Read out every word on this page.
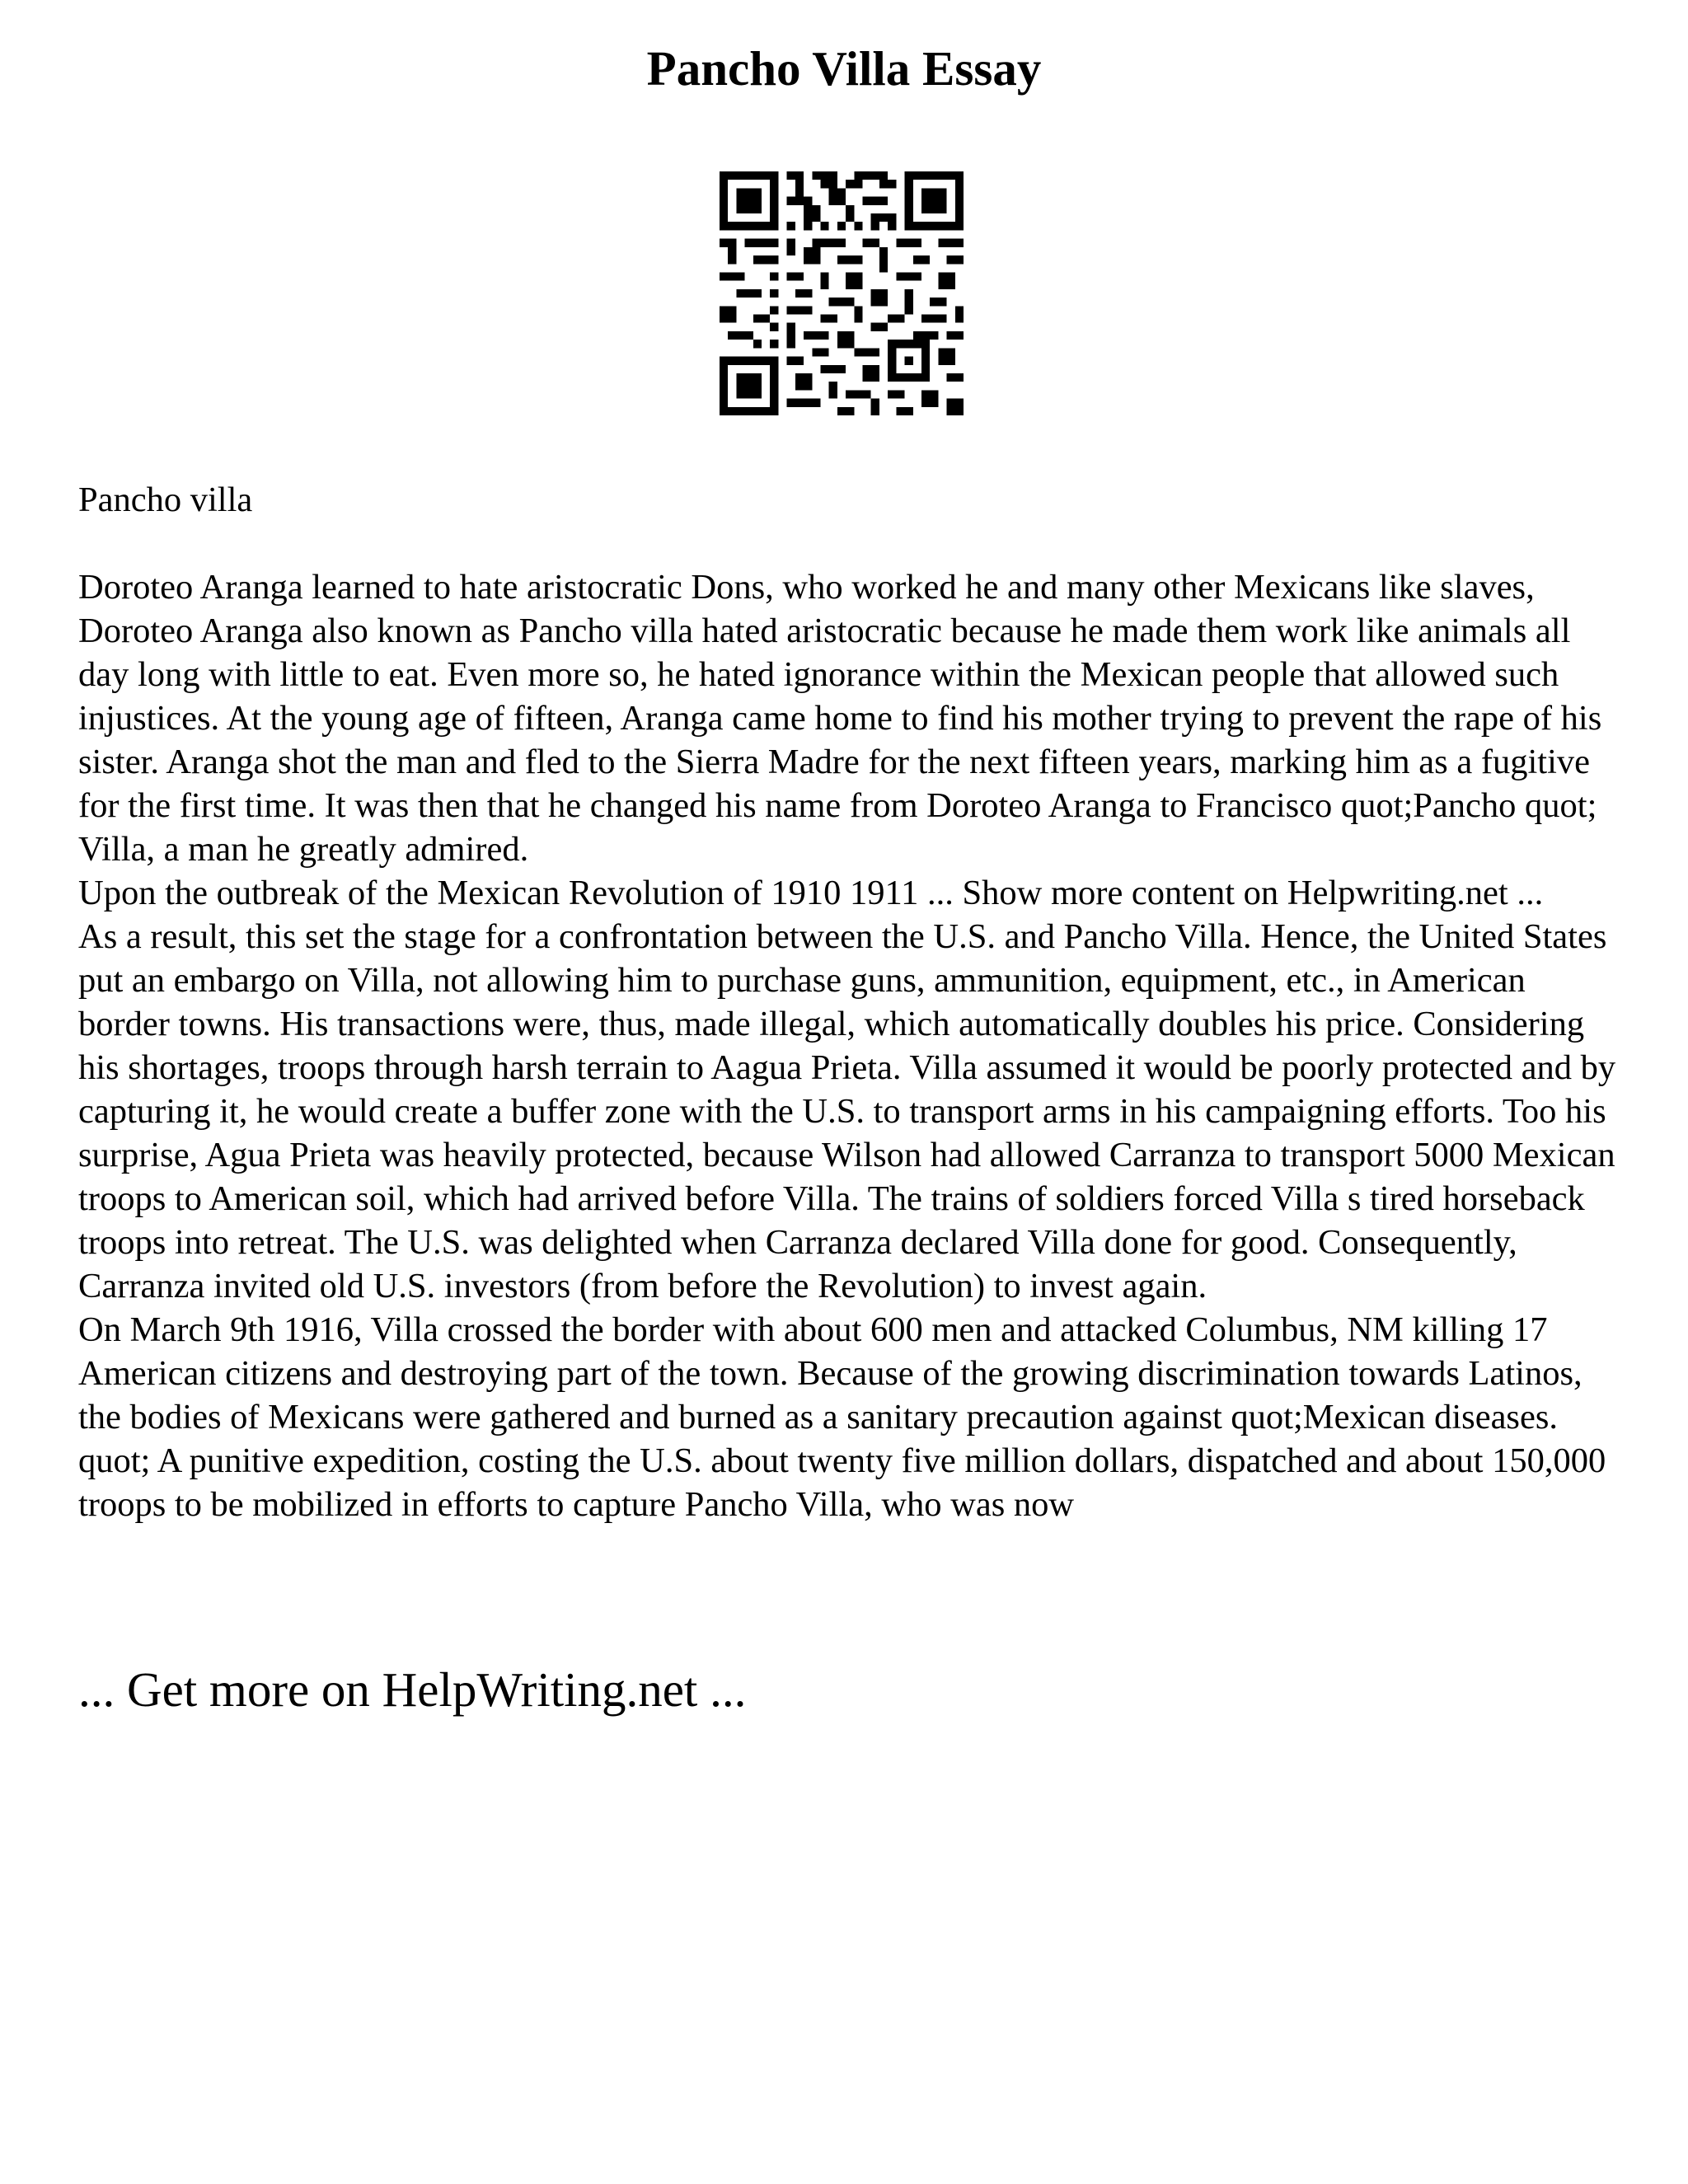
Pancho Villa Essay

Pancho villa

Doroteo Aranga learned to hate aristocratic Dons, who worked he and many other Mexicans like slaves, Doroteo Aranga also known as Pancho villa hated aristocratic because he made them work like animals all day long with little to eat. Even more so, he hated ignorance within the Mexican people that allowed such injustices. At the young age of fifteen, Aranga came home to find his mother trying to prevent the rape of his sister. Aranga shot the man and fled to the Sierra Madre for the next fifteen years, marking him as a fugitive for the first time. It was then that he changed his name from Doroteo Aranga to Francisco quot;Pancho quot; Villa, a man he greatly admired.

Upon the outbreak of the Mexican Revolution of 1910 1911 ... Show more content on Helpwriting.net ...

As a result, this set the stage for a confrontation between the U.S. and Pancho Villa. Hence, the United States put an embargo on Villa, not allowing him to purchase guns, ammunition, equipment, etc., in American border towns. His transactions were, thus, made illegal, which automatically doubles his price. Considering his shortages, troops through harsh terrain to Aagua Prieta. Villa assumed it would be poorly protected and by capturing it, he would create a buffer zone with the U.S. to transport arms in his campaigning efforts. Too his surprise, Agua Prieta was heavily protected, because Wilson had allowed Carranza to transport 5000 Mexican troops to American soil, which had arrived before Villa. The trains of soldiers forced Villa s tired horseback troops into retreat. The U.S. was delighted when Carranza declared Villa done for good. Consequently, Carranza invited old U.S. investors (from before the Revolution) to invest again.

On March 9th 1916, Villa crossed the border with about 600 men and attacked Columbus, NM killing 17 American citizens and destroying part of the town. Because of the growing discrimination towards Latinos, the bodies of Mexicans were gathered and burned as a sanitary precaution against quot;Mexican diseases. quot; A punitive expedition, costing the U.S. about twenty five million dollars, dispatched and about 150,000 troops to be mobilized in efforts to capture Pancho Villa, who was now

... Get more on HelpWriting.net ...
